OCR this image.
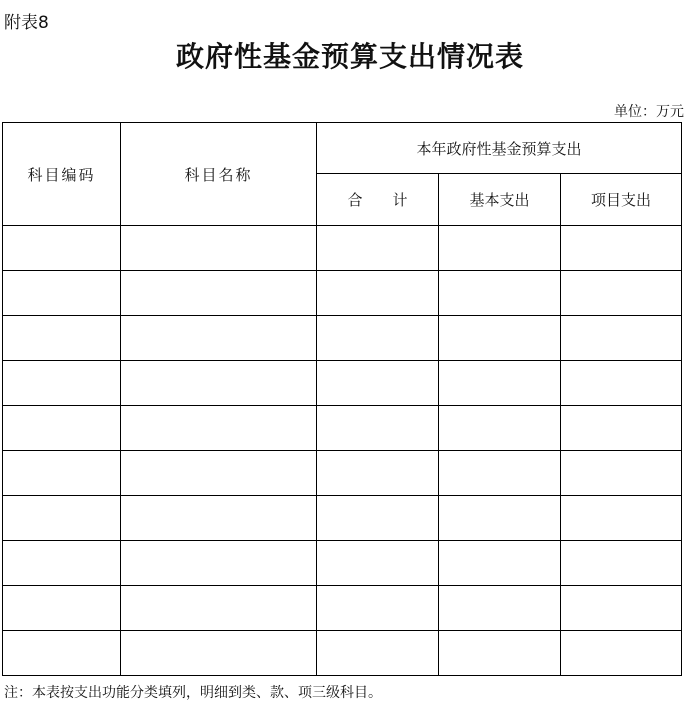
附表8
政府性基金预算支出情况表
单位：万元
科目编码	科目名称	本年政府性基金预算支出		
		合　　计	基本支出	项目支出

注：本表按支出功能分类填列，明细到类、款、项三级科目。
